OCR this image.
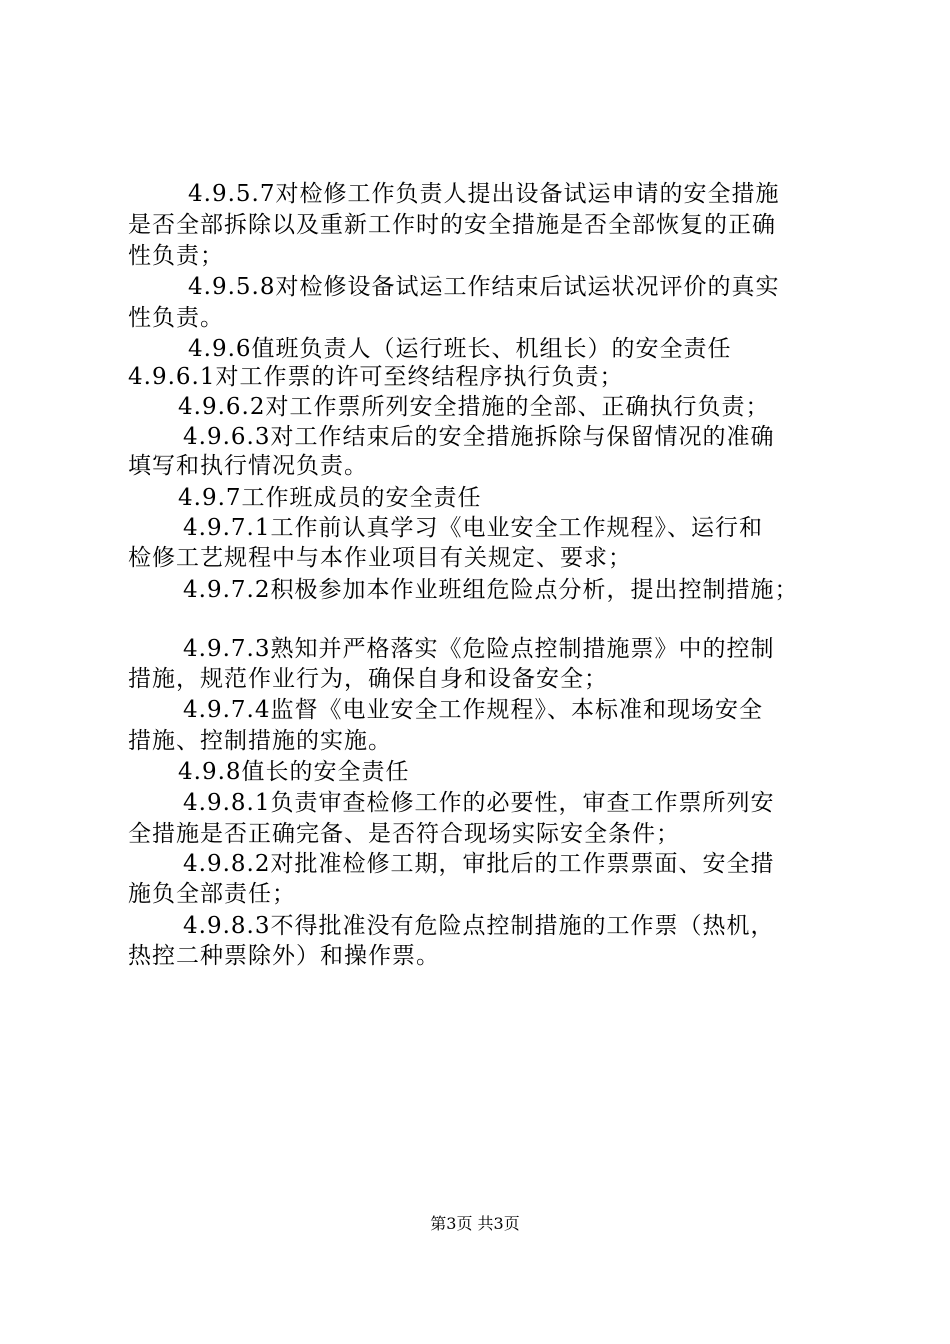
4.9.5.7对检修工作负责人提出设备试运申请的安全措施
是否全部拆除以及重新工作时的安全措施是否全部恢复的正确
性负责；
4.9.5.8对检修设备试运工作结束后试运状况评价的真实
性负责。
4.9.6值班负责人（运行班长、机组长）的安全责任
4.9.6.1对工作票的许可至终结程序执行负责；
4.9.6.2对工作票所列安全措施的全部、正确执行负责；
4.9.6.3对工作结束后的安全措施拆除与保留情况的准确
填写和执行情况负责。
4.9.7工作班成员的安全责任
4.9.7.1工作前认真学习《电业安全工作规程》、运行和
检修工艺规程中与本作业项目有关规定、要求；
4.9.7.2积极参加本作业班组危险点分析，提出控制措施；
4.9.7.3熟知并严格落实《危险点控制措施票》中的控制
措施，规范作业行为，确保自身和设备安全；
4.9.7.4监督《电业安全工作规程》、本标准和现场安全
措施、控制措施的实施。
4.9.8值长的安全责任
4.9.8.1负责审查检修工作的必要性，审查工作票所列安
全措施是否正确完备、是否符合现场实际安全条件；
4.9.8.2对批准检修工期，审批后的工作票票面、安全措
施负全部责任；
4.9.8.3不得批准没有危险点控制措施的工作票（热机，
热控二种票除外）和操作票。
第3页 共3页
